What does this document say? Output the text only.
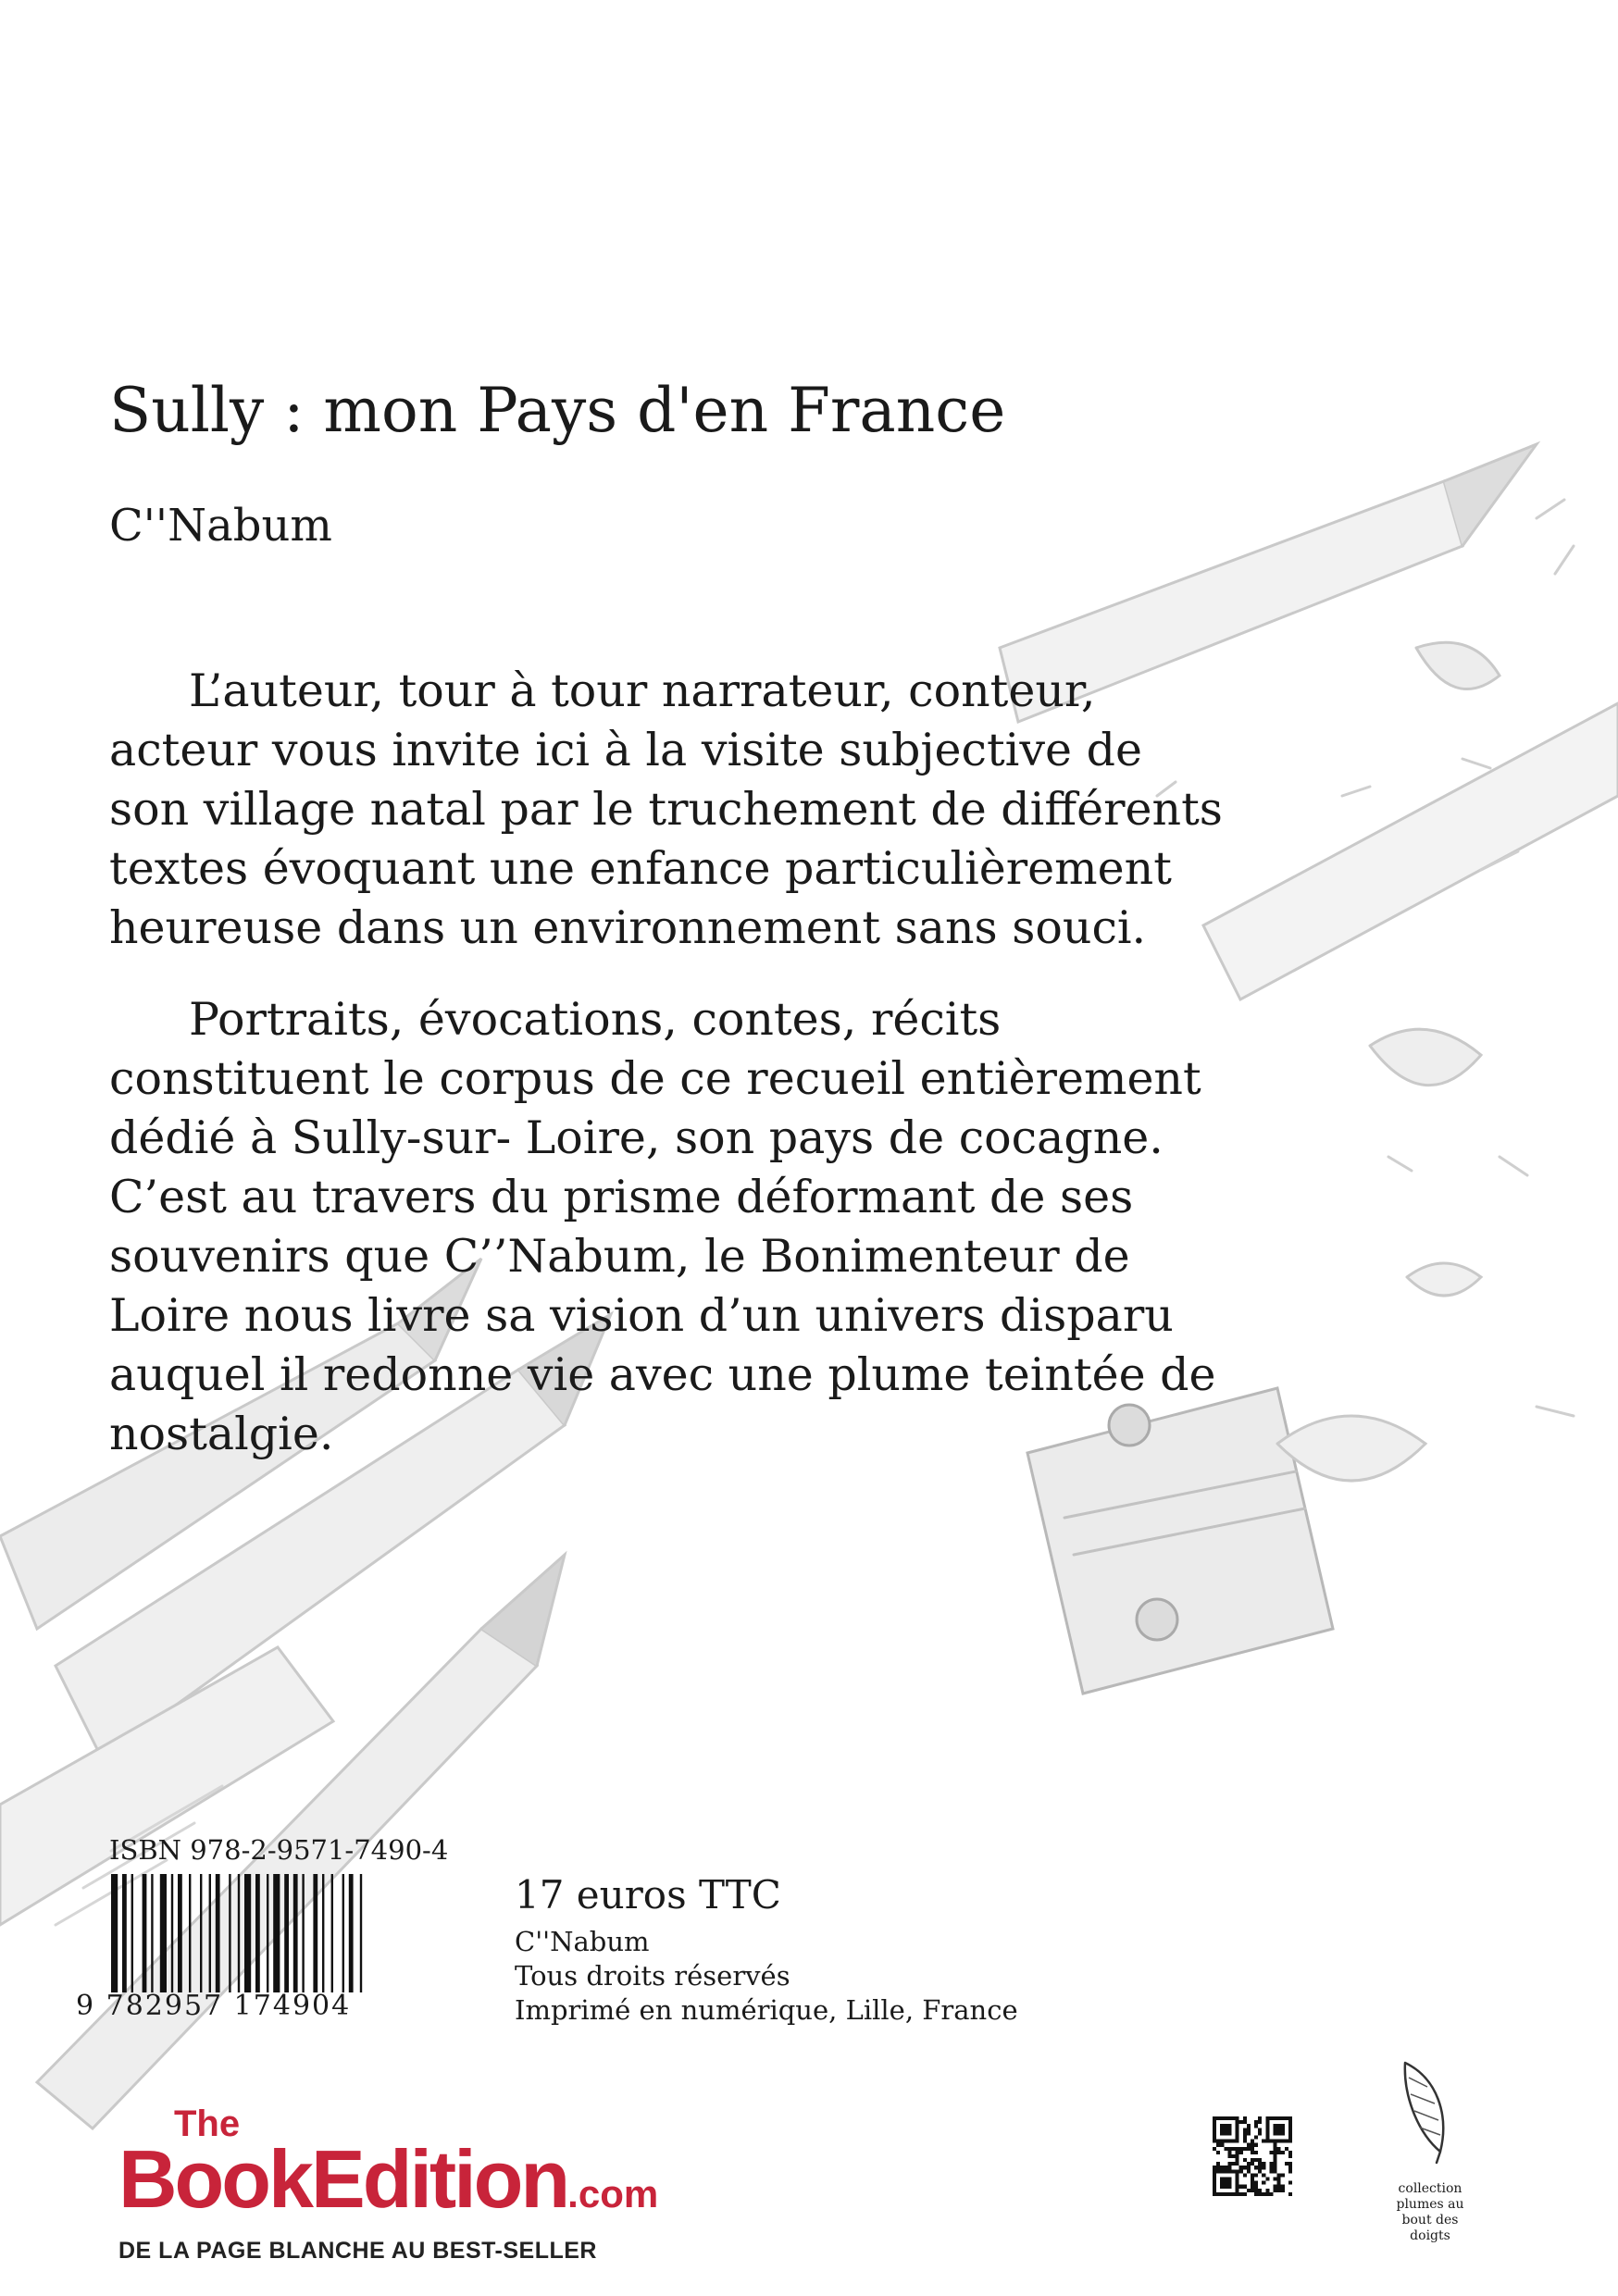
Sully : mon Pays d'en France
C''Nabum

L’auteur, tour à tour narrateur, conteur, acteur vous invite ici à la visite subjective de son village natal par le truchement de différents textes évoquant une enfance particulièrement heureuse dans un environnement sans souci.

Portraits, évocations, contes, récits constituent le corpus de ce recueil entièrement dédié à Sully-sur- Loire, son pays de cocagne. C’est au travers du prisme déformant de ses souvenirs que C’’Nabum, le Bonimenteur de Loire nous livre sa vision d’un univers disparu auquel il redonne vie avec une plume teintée de nostalgie.

ISBN 978-2-9571-7490-4
9 782957 174904
17 euros TTC
C''Nabum
Tous droits réservés
Imprimé en numérique, Lille, France
The
BookEdition.com
DE LA PAGE BLANCHE AU BEST-SELLER
collection
plumes au
bout des
doigts
